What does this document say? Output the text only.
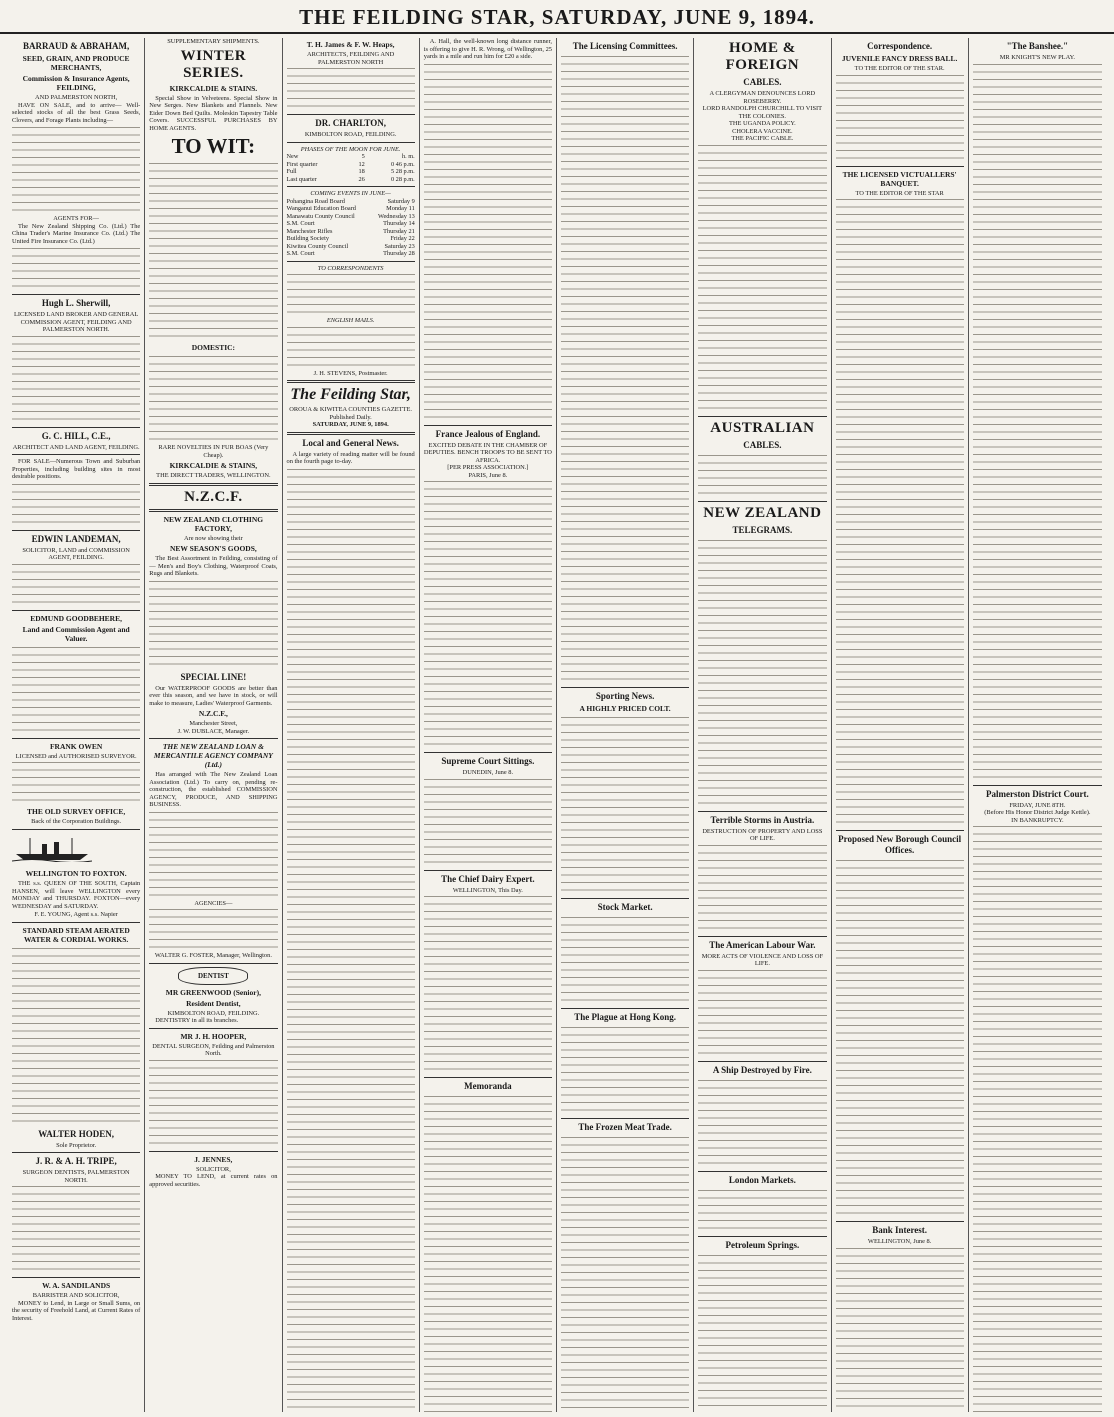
THE FEILDING STAR, SATURDAY, JUNE 9, 1894.
BARRAUD & ABRAHAM,
SEED, GRAIN, AND PRODUCE MERCHANTS,
Commission & Insurance Agents, FEILDING,
AND PALMERSTON NORTH,
HAVE ON SALE, and to arrive— Well-selected stocks of all the best Grass Seeds, Clovers, and Forage Plants including—
AGENTS FOR—
The New Zealand Shipping Co. (Ltd.) The China Trader's Marine Insurance Co. (Ltd.) The United Fire Insurance Co. (Ltd.)
Hugh L. Sherwill,
LICENSED LAND BROKER AND GENERAL COMMISSION AGENT, FEILDING AND PALMERSTON NORTH.
G. C. HILL, C.E.,
ARCHITECT AND LAND AGENT, FEILDING.
FOR SALE—Numerous Town and Suburban Properties, including building sites in most desirable positions.
EDWIN LANDEMAN,
SOLICITOR, LAND and COMMISSION AGENT, FEILDING.
EDMUND GOODBEHERE,
Land and Commission Agent and Valuer.
FRANK OWEN
LICENSED and AUTHORISED SURVEYOR.
THE OLD SURVEY OFFICE,
Back of the Corporation Buildings.
WELLINGTON TO FOXTON.
THE s.s. QUEEN OF THE SOUTH, Captain HANSEN, will leave WELLINGTON every MONDAY and THURSDAY. FOXTON—every WEDNESDAY and SATURDAY.
F. E. YOUNG, Agent s.s. Napier
STANDARD STEAM AERATED WATER & CORDIAL WORKS.
WALTER HODEN,
Sole Proprietor.
J. R. & A. H. TRIPE,
SURGEON DENTISTS, PALMERSTON NORTH.
W. A. SANDILANDS
BARRISTER AND SOLICITOR,
MONEY to Lend, in Large or Small Sums, on the security of Freehold Land, at Current Rates of Interest.
SUPPLEMENTARY SHIPMENTS.
WINTER SERIES.
KIRKCALDIE & STAINS.
Special Show in Velveteens. Special Show in New Serges. New Blankets and Flannels. New Eider Down Bed Quilts. Moleskin Tapestry Table Covers. SUCCESSFUL PURCHASES BY HOME AGENTS.
TO WIT:
DOMESTIC:
RARE NOVELTIES IN FUR BOAS (Very Cheap).
KIRKCALDIE & STAINS,
THE DIRECT TRADERS, WELLINGTON.
N.Z.C.F.
NEW ZEALAND CLOTHING FACTORY,
Are now showing their
NEW SEASON'S GOODS,
The Best Assortment in Feilding, consisting of— Men's and Boy's Clothing, Waterproof Coats, Rugs and Blankets.
SPECIAL LINE!
Our WATERPROOF GOODS are better than ever this season, and we have in stock, or will make to measure, Ladies' Waterproof Garments.
N.Z.C.F.,
Manchester Street,
J. W. DUBLACE, Manager.
THE NEW ZEALAND LOAN & MERCANTILE AGENCY COMPANY (Ltd.)
Has arranged with The New Zealand Loan Association (Ltd.) To carry on, pending re-construction, the established COMMISSION AGENCY, PRODUCE, AND SHIPPING BUSINESS.
AGENCIES—
WALTER G. FOSTER, Manager, Wellington.
DENTIST
MR GREENWOOD (Senior),
Resident Dentist,
KIMBOLTON ROAD, FEILDING.
DENTISTRY in all its branches.
MR J. H. HOOPER,
DENTAL SURGEON, Feilding and Palmerston North.
J. JENNES,
SOLICITOR,
MONEY TO LEND, at current rates on approved securities.
T. H. James & F. W. Heaps,
ARCHITECTS, FEILDING AND PALMERSTON NORTH
DR. CHARLTON,
KIMBOLTON ROAD, FEILDING.
PHASES OF THE MOON FOR JUNE.
New	5	h. m.
First quarter	12	0 46 p.m.
Full	18	5 28 p.m.
Last quarter	26	0 28 p.m.
COMING EVENTS IN JUNE—
Pohangina Road Board	Saturday 9
Wanganui Education Board	Monday 11
Manawatu County Council	Wednesday 13
S.M. Court	Thursday 14
Manchester Rifles	Thursday 21
Building Society	Friday 22
Kiwitea County Council	Saturday 23
S.M. Court	Thursday 28
TO CORRESPONDENTS
ENGLISH MAILS.
J. H. STEVENS, Postmaster.
The Feilding Star,
OROUA & KIWITEA COUNTIES GAZETTE. Published Daily.
SATURDAY, JUNE 9, 1894.
Local and General News.
A large variety of reading matter will be found on the fourth page to-day.
A. Hall, the well-known long distance runner, is offering to give H. R. Wrong, of Wellington, 25 yards in a mile and run him for £20 a side.
France Jealous of England.
EXCITED DEBATE IN THE CHAMBER OF DEPUTIES. BENCH TROOPS TO BE SENT TO AFRICA.
[PER PRESS ASSOCIATION.]
PARIS, June 8.
Supreme Court Sittings.
DUNEDIN, June 8.
The Chief Dairy Expert.
WELLINGTON, This Day.
Memoranda
The Licensing Committees.
Sporting News.
A HIGHLY PRICED COLT.
Stock Market.
The Plague at Hong Kong.
The Frozen Meat Trade.
HOME & FOREIGN
CABLES.
A CLERGYMAN DENOUNCES LORD ROSEBERRY.
LORD RANDOLPH CHURCHILL TO VISIT THE COLONIES.
THE UGANDA POLICY.
CHOLERA VACCINE.
THE PACIFIC CABLE.
AUSTRALIAN
CABLES.
NEW ZEALAND
TELEGRAMS.
Terrible Storms in Austria.
DESTRUCTION OF PROPERTY AND LOSS OF LIFE.
The American Labour War.
MORE ACTS OF VIOLENCE AND LOSS OF LIFE.
A Ship Destroyed by Fire.
London Markets.
Petroleum Springs.
Correspondence.
JUVENILE FANCY DRESS BALL.
TO THE EDITOR OF THE STAR.
THE LICENSED VICTUALLERS' BANQUET.
TO THE EDITOR OF THE STAR
Proposed New Borough Council Offices.
Bank Interest.
WELLINGTON, June 8.
"The Banshee."
MR KNIGHT'S NEW PLAY.
Palmerston District Court.
FRIDAY, JUNE 8TH.
(Before His Honor District Judge Kettle).
IN BANKRUPTCY.
